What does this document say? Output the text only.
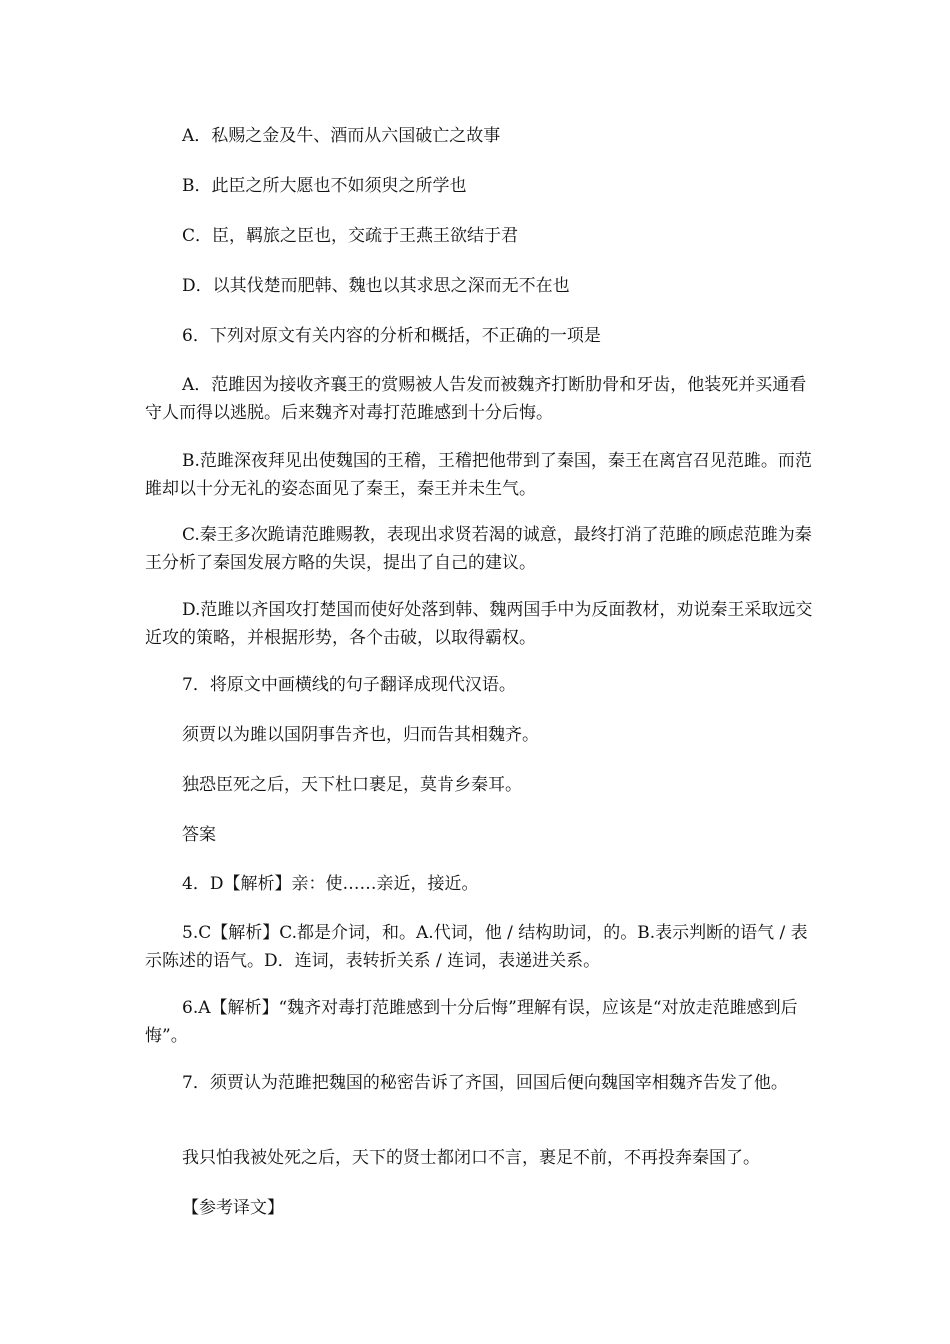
A．私赐之金及牛、酒而从六国破亡之故事

B．此臣之所大愿也不如须臾之所学也

C．臣，羁旅之臣也，交疏于王燕王欲结于君

D．以其伐楚而肥韩、魏也以其求思之深而无不在也

6．下列对原文有关内容的分析和概括，不正确的一项是

A．范雎因为接收齐襄王的赏赐被人告发而被魏齐打断肋骨和牙齿，他装死并买通看守人而得以逃脱。后来魏齐对毒打范雎感到十分后悔。

B.范雎深夜拜见出使魏国的王稽，王稽把他带到了秦国，秦王在离宫召见范雎。而范雎却以十分无礼的姿态面见了秦王，秦王并未生气。

C.秦王多次跪请范雎赐教，表现出求贤若渴的诚意，最终打消了范雎的顾虑范雎为秦王分析了秦国发展方略的失误，提出了自己的建议。

D.范雎以齐国攻打楚国而使好处落到韩、魏两国手中为反面教材，劝说秦王采取远交近攻的策略，并根据形势，各个击破，以取得霸权。

7．将原文中画横线的句子翻译成现代汉语。

须贾以为雎以国阴事告齐也，归而告其相魏齐。

独恐臣死之后，天下杜口裹足，莫肯乡秦耳。

答案

4．D【解析】亲：使……亲近，接近。

5.C【解析】C.都是介词，和。A.代词，他 / 结构助词，的。B.表示判断的语气 / 表示陈述的语气。D．连词，表转折关系 / 连词，表递进关系。

6.A【解析】“魏齐对毒打范雎感到十分后悔”理解有误，应该是“对放走范雎感到后悔”。

7．须贾认为范雎把魏国的秘密告诉了齐国，回国后便向魏国宰相魏齐告发了他。

我只怕我被处死之后，天下的贤士都闭口不言，裹足不前，不再投奔秦国了。

【参考译文】
